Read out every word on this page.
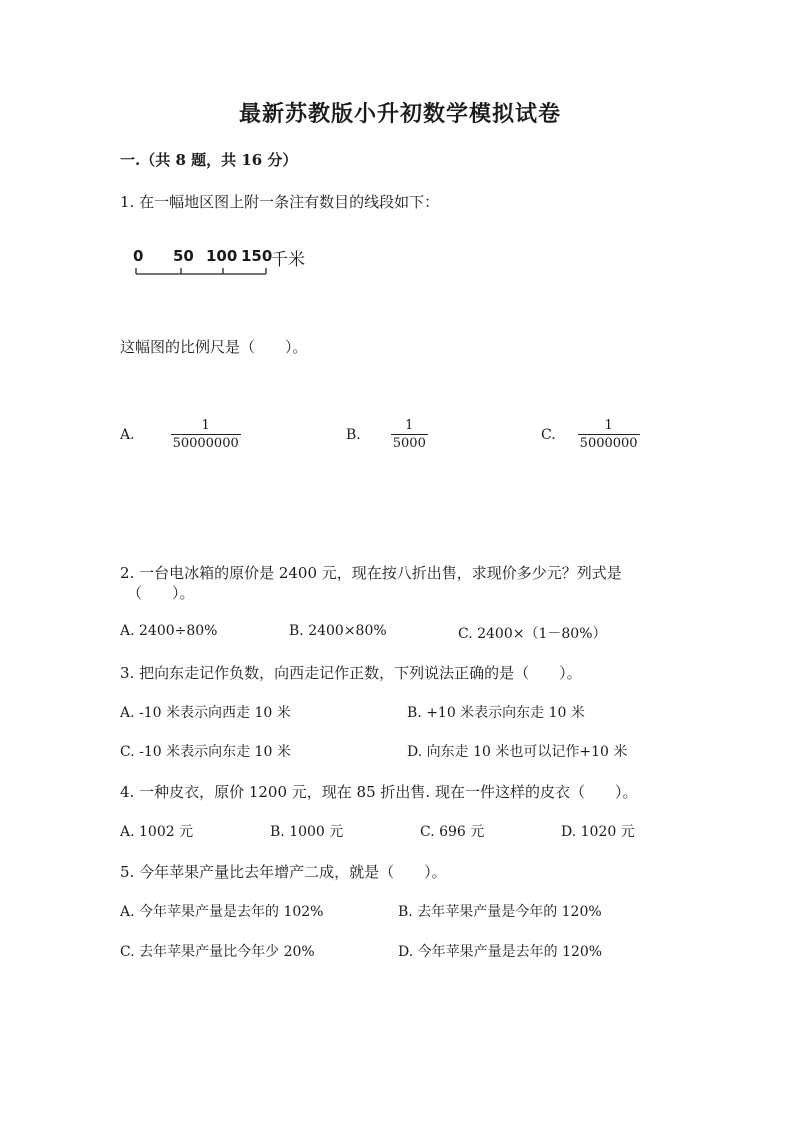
最新苏教版小升初数学模拟试卷
一.（共 8 题，共 16 分）
1. 在一幅地区图上附一条注有数目的线段如下：
0 50 100 150
千米
这幅图的比例尺是（　　）。
A.	$\frac{1}{50000000}$	B. $\frac{1}{5000}$	C. $\frac{1}{5000000}$
2. 一台电冰箱的原价是 2400 元，现在按八折出售，求现价多少元？列式是
（　　）。
A. 2400÷80%	B. 2400×80%	C. 2400×（1－80%）
3. 把向东走记作负数，向西走记作正数，下列说法正确的是（　　）。
A. -10 米表示向西走 10 米	B. +10 米表示向东走 10 米
C. -10 米表示向东走 10 米	D. 向东走 10 米也可以记作+10 米
4. 一种皮衣，原价 1200 元，现在 85 折出售. 现在一件这样的皮衣（　　）。
A. 1002 元	B. 1000 元	C. 696 元	D. 1020 元
5. 今年苹果产量比去年增产二成，就是（　　）。
A. 今年苹果产量是去年的 102%	B. 去年苹果产量是今年的 120%
C. 去年苹果产量比今年少 20%	D. 今年苹果产量是去年的 120%
